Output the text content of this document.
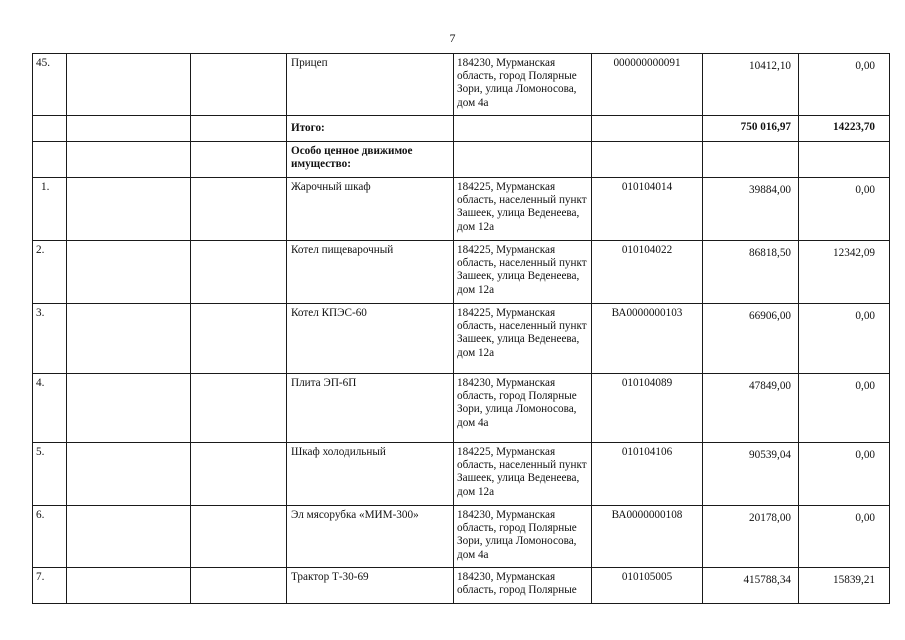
7
45.			Прицеп	184230, Мурманская область, город Полярные Зори, улица Ломоносова, дом 4а	000000000091	10412,10	0,00
			Итого:			750 016,97	14223,70
			Особо ценное движимое имущество:				
1.			Жарочный шкаф	184225, Мурманская область, населенный пункт Зашеек, улица Веденеева, дом 12а	010104014	39884,00	0,00
2.			Котел пищеварочный	184225, Мурманская область, населенный пункт Зашеек, улица Веденеева, дом 12а	010104022	86818,50	12342,09
3.			Котел КПЭС-60	184225, Мурманская область, населенный пункт Зашеек, улица Веденеева, дом 12а	ВА0000000103	66906,00	0,00
4.			Плита ЭП-6П	184230, Мурманская область, город Полярные Зори, улица Ломоносова, дом 4а	010104089	47849,00	0,00
5.			Шкаф холодильный	184225, Мурманская область, населенный пункт Зашеек, улица Веденеева, дом 12а	010104106	90539,04	0,00
6.			Эл мясорубка «МИМ-300»	184230, Мурманская область, город Полярные Зори, улица Ломоносова, дом 4а	ВА0000000108	20178,00	0,00
7.			Трактор Т-30-69	184230, Мурманская область, город Полярные	010105005	415788,34	15839,21
